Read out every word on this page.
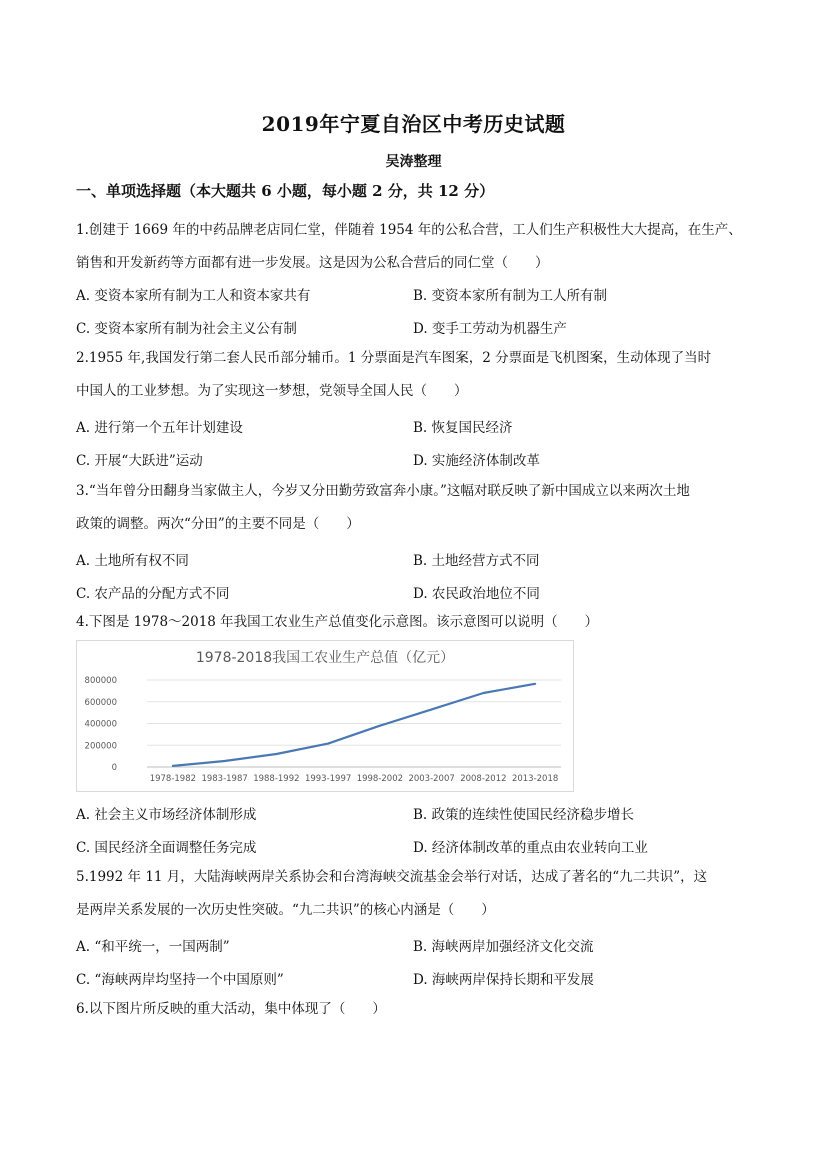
2019年宁夏自治区中考历史试题
吴涛整理
一、单项选择题（本大题共 6 小题，每小题 2 分，共 12 分）
1.创建于 1669 年的中药品牌老店同仁堂，伴随着 1954 年的公私合营，工人们生产积极性大大提高，在生产、
销售和开发新药等方面都有进一步发展。这是因为公私合营后的同仁堂（　　）
A. 变资本家所有制为工人和资本家共有	B. 变资本家所有制为工人所有制
C. 变资本家所有制为社会主义公有制	D. 变手工劳动为机器生产
2.1955 年,我国发行第二套人民币部分辅币。1 分票面是汽车图案，2 分票面是飞机图案，生动体现了当时
中国人的工业梦想。为了实现这一梦想，党领导全国人民（　　）
A. 进行第一个五年计划建设	B. 恢复国民经济
C. 开展“大跃进”运动	D. 实施经济体制改革
3.“当年曾分田翻身当家做主人，今岁又分田勤劳致富奔小康。”这幅对联反映了新中国成立以来两次土地
政策的调整。两次“分田”的主要不同是（　　）
A. 土地所有权不同	B. 土地经营方式不同
C. 农产品的分配方式不同	D. 农民政治地位不同
4.下图是 1978～2018 年我国工农业生产总值变化示意图。该示意图可以说明（　　）
1978-2018我国工农业生产总值（亿元）
800000
600000
400000
200000
0
1978-1982 1983-1987 1988-1992 1993-1997 1998-2002 2003-2007 2008-2012 2013-2018
A. 社会主义市场经济体制形成	B. 政策的连续性使国民经济稳步增长
C. 国民经济全面调整任务完成	D. 经济体制改革的重点由农业转向工业
5.1992 年 11 月，大陆海峡两岸关系协会和台湾海峡交流基金会举行对话，达成了著名的“九二共识”，这
是两岸关系发展的一次历史性突破。“九二共识”的核心内涵是（　　）
A. “和平统一，一国两制”	B. 海峡两岸加强经济文化交流
C. “海峡两岸均坚持一个中国原则”	D. 海峡两岸保持长期和平发展
6.以下图片所反映的重大活动，集中体现了（　　）
